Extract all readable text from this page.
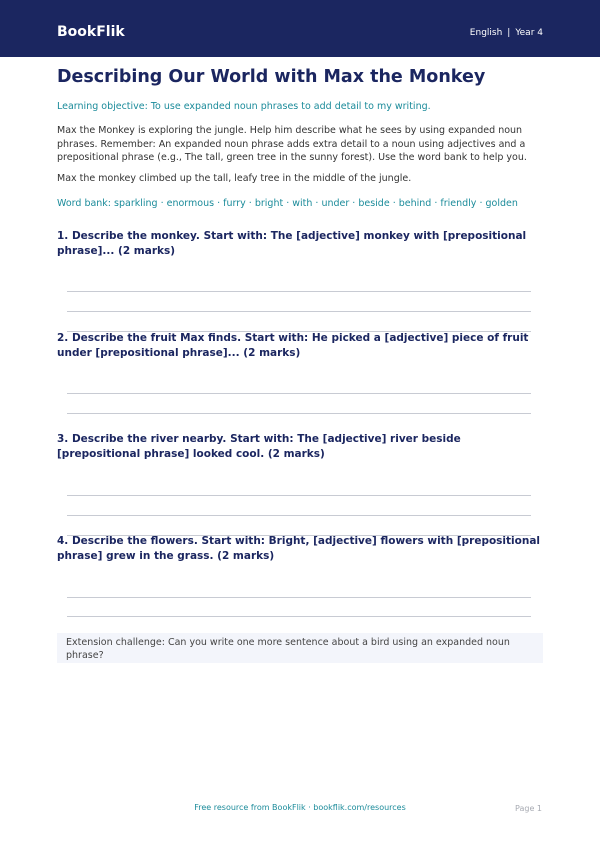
BookFlik	English | Year 4
Describing Our World with Max the Monkey
Learning objective: To use expanded noun phrases to add detail to my writing.
Max the Monkey is exploring the jungle. Help him describe what he sees by using expanded noun phrases. Remember: An expanded noun phrase adds extra detail to a noun using adjectives and a prepositional phrase (e.g., The tall, green tree in the sunny forest). Use the word bank to help you.
Max the monkey climbed up the tall, leafy tree in the middle of the jungle.
Word bank: sparkling · enormous · furry · bright · with · under · beside · behind · friendly · golden
1. Describe the monkey. Start with: The [adjective] monkey with [prepositional phrase]... (2 marks)
2. Describe the fruit Max finds. Start with: He picked a [adjective] piece of fruit under [prepositional phrase]... (2 marks)
3. Describe the river nearby. Start with: The [adjective] river beside [prepositional phrase] looked cool. (2 marks)
4. Describe the flowers. Start with: Bright, [adjective] flowers with [prepositional phrase] grew in the grass. (2 marks)
Extension challenge: Can you write one more sentence about a bird using an expanded noun phrase?
Free resource from BookFlik · bookflik.com/resources	Page 1
